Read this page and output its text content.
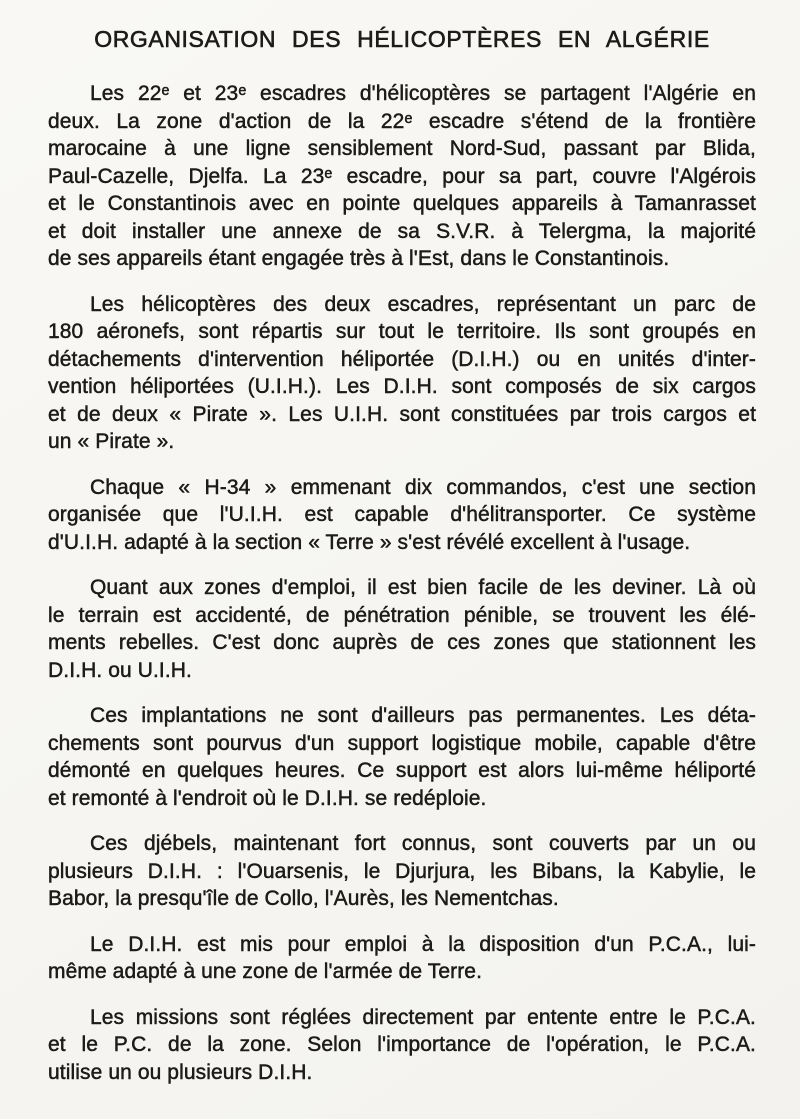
ORGANISATION DES HÉLICOPTÈRES EN ALGÉRIE
Les 22ᵉ et 23ᵉ escadres d'hélicoptères se partagent l'Algérie en
deux. La zone d'action de la 22ᵉ escadre s'étend de la frontière
marocaine à une ligne sensiblement Nord-Sud, passant par Blida,
Paul-Cazelle, Djelfa. La 23ᵉ escadre, pour sa part, couvre l'Algérois
et le Constantinois avec en pointe quelques appareils à Tamanrasset
et doit installer une annexe de sa S.V.R. à Telergma, la majorité
de ses appareils étant engagée très à l'Est, dans le Constantinois.
Les hélicoptères des deux escadres, représentant un parc de
180 aéronefs, sont répartis sur tout le territoire. Ils sont groupés en
détachements d'intervention héliportée (D.I.H.) ou en unités d'inter-
vention héliportées (U.I.H.). Les D.I.H. sont composés de six cargos
et de deux « Pirate ». Les U.I.H. sont constituées par trois cargos et
un « Pirate ».
Chaque « H-34 » emmenant dix commandos, c'est une section
organisée que l'U.I.H. est capable d'hélitransporter. Ce système
d'U.I.H. adapté à la section « Terre » s'est révélé excellent à l'usage.
Quant aux zones d'emploi, il est bien facile de les deviner. Là où
le terrain est accidenté, de pénétration pénible, se trouvent les élé-
ments rebelles. C'est donc auprès de ces zones que stationnent les
D.I.H. ou U.I.H.
Ces implantations ne sont d'ailleurs pas permanentes. Les déta-
chements sont pourvus d'un support logistique mobile, capable d'être
démonté en quelques heures. Ce support est alors lui-même héliporté
et remonté à l'endroit où le D.I.H. se redéploie.
Ces djébels, maintenant fort connus, sont couverts par un ou
plusieurs D.I.H. : l'Ouarsenis, le Djurjura, les Bibans, la Kabylie, le
Babor, la presqu'île de Collo, l'Aurès, les Nementchas.
Le D.I.H. est mis pour emploi à la disposition d'un P.C.A., lui-
même adapté à une zone de l'armée de Terre.
Les missions sont réglées directement par entente entre le P.C.A.
et le P.C. de la zone. Selon l'importance de l'opération, le P.C.A.
utilise un ou plusieurs D.I.H.
